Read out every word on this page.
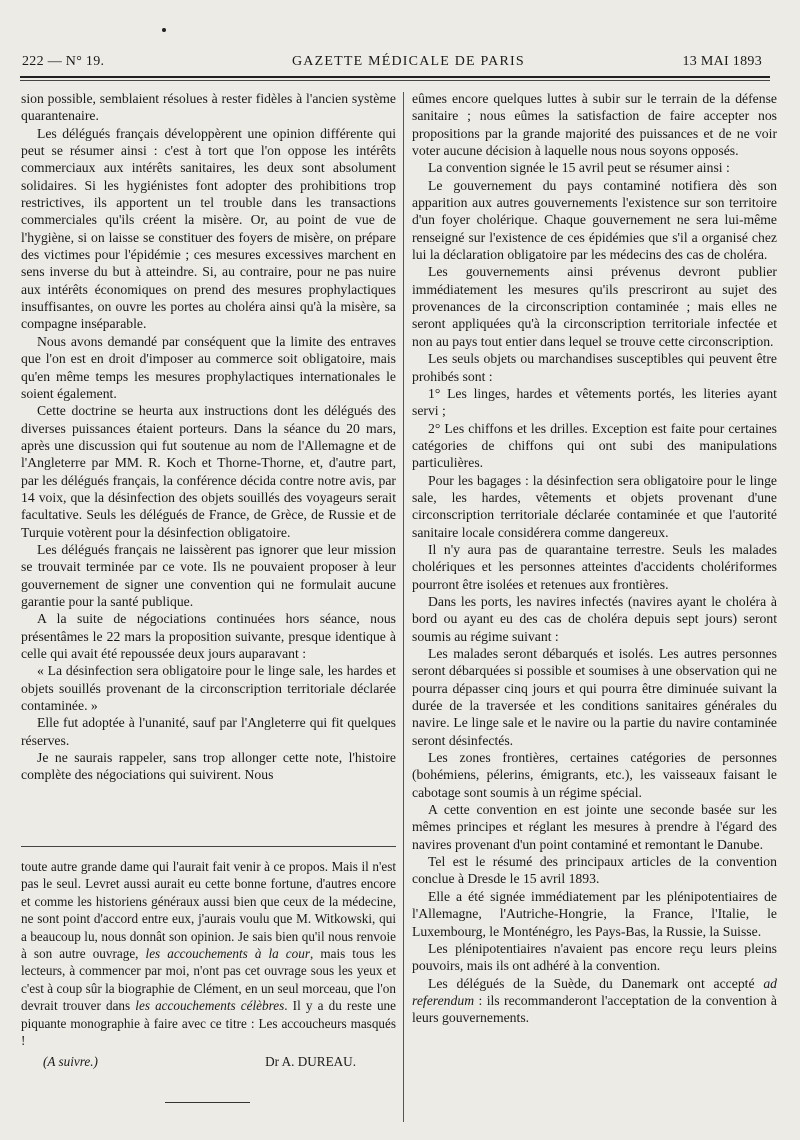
222 — N° 19.	GAZETTE MÉDICALE DE PARIS	13 MAI 1893

sion possible, semblaient résolues à rester fidèles à l'ancien système quarantenaire.

Les délégués français développèrent une opinion différente qui peut se résumer ainsi : c'est à tort que l'on oppose les intérêts commerciaux aux intérêts sanitaires, les deux sont absolument solidaires. Si les hygiénistes font adopter des prohibitions trop restrictives, ils apportent un tel trouble dans les transactions commerciales qu'ils créent la misère. Or, au point de vue de l'hygiène, si on laisse se constituer des foyers de misère, on prépare des victimes pour l'épidémie ; ces mesures excessives marchent en sens inverse du but à atteindre. Si, au contraire, pour ne pas nuire aux intérêts économiques on prend des mesures prophylactiques insuffisantes, on ouvre les portes au choléra ainsi qu'à la misère, sa compagne inséparable.

Nous avons demandé par conséquent que la limite des entraves que l'on est en droit d'imposer au commerce soit obligatoire, mais qu'en même temps les mesures prophylactiques internationales le soient également.

Cette doctrine se heurta aux instructions dont les délégués des diverses puissances étaient porteurs. Dans la séance du 20 mars, après une discussion qui fut soutenue au nom de l'Allemagne et de l'Angleterre par MM. R. Koch et Thorne-Thorne, et, d'autre part, par les délégués français, la conférence décida contre notre avis, par 14 voix, que la désinfection des objets souillés des voyageurs serait facultative. Seuls les délégués de France, de Grèce, de Russie et de Turquie votèrent pour la désinfection obligatoire.

Les délégués français ne laissèrent pas ignorer que leur mission se trouvait terminée par ce vote. Ils ne pouvaient proposer à leur gouvernement de signer une convention qui ne formulait aucune garantie pour la santé publique.

A la suite de négociations continuées hors séance, nous présentâmes le 22 mars la proposition suivante, presque identique à celle qui avait été repoussée deux jours auparavant :

« La désinfection sera obligatoire pour le linge sale, les hardes et objets souillés provenant de la circonscription territoriale déclarée contaminée. »

Elle fut adoptée à l'unanité, sauf par l'Angleterre qui fit quelques réserves.

Je ne saurais rappeler, sans trop allonger cette note, l'histoire complète des négociations qui suivirent. Nous

toute autre grande dame qui l'aurait fait venir à ce propos. Mais il n'est pas le seul. Levret aussi aurait eu cette bonne fortune, d'autres encore et comme les historiens généraux aussi bien que ceux de la médecine, ne sont point d'accord entre eux, j'aurais voulu que M. Witkowski, qui a beaucoup lu, nous donnât son opinion. Je sais bien qu'il nous renvoie à son autre ouvrage, les accouchements à la cour, mais tous les lecteurs, à commencer par moi, n'ont pas cet ouvrage sous les yeux et c'est à coup sûr la biographie de Clément, en un seul morceau, que l'on devrait trouver dans les accouchements célèbres. Il y a du reste une piquante monographie à faire avec ce titre : Les accoucheurs masqués !

(A suivre.)	Dr A. DUREAU.

eûmes encore quelques luttes à subir sur le terrain de la défense sanitaire ; nous eûmes la satisfaction de faire accepter nos propositions par la grande majorité des puissances et de ne voir voter aucune décision à laquelle nous nous soyons opposés.

La convention signée le 15 avril peut se résumer ainsi :

Le gouvernement du pays contaminé notifiera dès son apparition aux autres gouvernements l'existence sur son territoire d'un foyer cholérique. Chaque gouvernement ne sera lui-même renseigné sur l'existence de ces épidémies que s'il a organisé chez lui la déclaration obligatoire par les médecins des cas de choléra.

Les gouvernements ainsi prévenus devront publier immédiatement les mesures qu'ils prescriront au sujet des provenances de la circonscription contaminée ; mais elles ne seront appliquées qu'à la circonscription territoriale infectée et non au pays tout entier dans lequel se trouve cette circonscription.

Les seuls objets ou marchandises susceptibles qui peuvent être prohibés sont :

1° Les linges, hardes et vêtements portés, les literies ayant servi ;

2° Les chiffons et les drilles. Exception est faite pour certaines catégories de chiffons qui ont subi des manipulations particulières.

Pour les bagages : la désinfection sera obligatoire pour le linge sale, les hardes, vêtements et objets provenant d'une circonscription territoriale déclarée contaminée et que l'autorité sanitaire locale considérera comme dangereux.

Il n'y aura pas de quarantaine terrestre. Seuls les malades cholériques et les personnes atteintes d'accidents cholériformes pourront être isolées et retenues aux frontières.

Dans les ports, les navires infectés (navires ayant le choléra à bord ou ayant eu des cas de choléra depuis sept jours) seront soumis au régime suivant :

Les malades seront débarqués et isolés. Les autres personnes seront débarquées si possible et soumises à une observation qui ne pourra dépasser cinq jours et qui pourra être diminuée suivant la durée de la traversée et les conditions sanitaires générales du navire. Le linge sale et le navire ou la partie du navire contaminée seront désinfectés.

Les zones frontières, certaines catégories de personnes (bohémiens, pélerins, émigrants, etc.), les vaisseaux faisant le cabotage sont soumis à un régime spécial.

A cette convention en est jointe une seconde basée sur les mêmes principes et réglant les mesures à prendre à l'égard des navires provenant d'un point contaminé et remontant le Danube.

Tel est le résumé des principaux articles de la convention conclue à Dresde le 15 avril 1893.

Elle a été signée immédiatement par les plénipotentiaires de l'Allemagne, l'Autriche-Hongrie, la France, l'Italie, le Luxembourg, le Monténégro, les Pays-Bas, la Russie, la Suisse.

Les plénipotentiaires n'avaient pas encore reçu leurs pleins pouvoirs, mais ils ont adhéré à la convention.

Les délégués de la Suède, du Danemark ont accepté ad referendum : ils recommanderont l'acceptation de la convention à leurs gouvernements.
